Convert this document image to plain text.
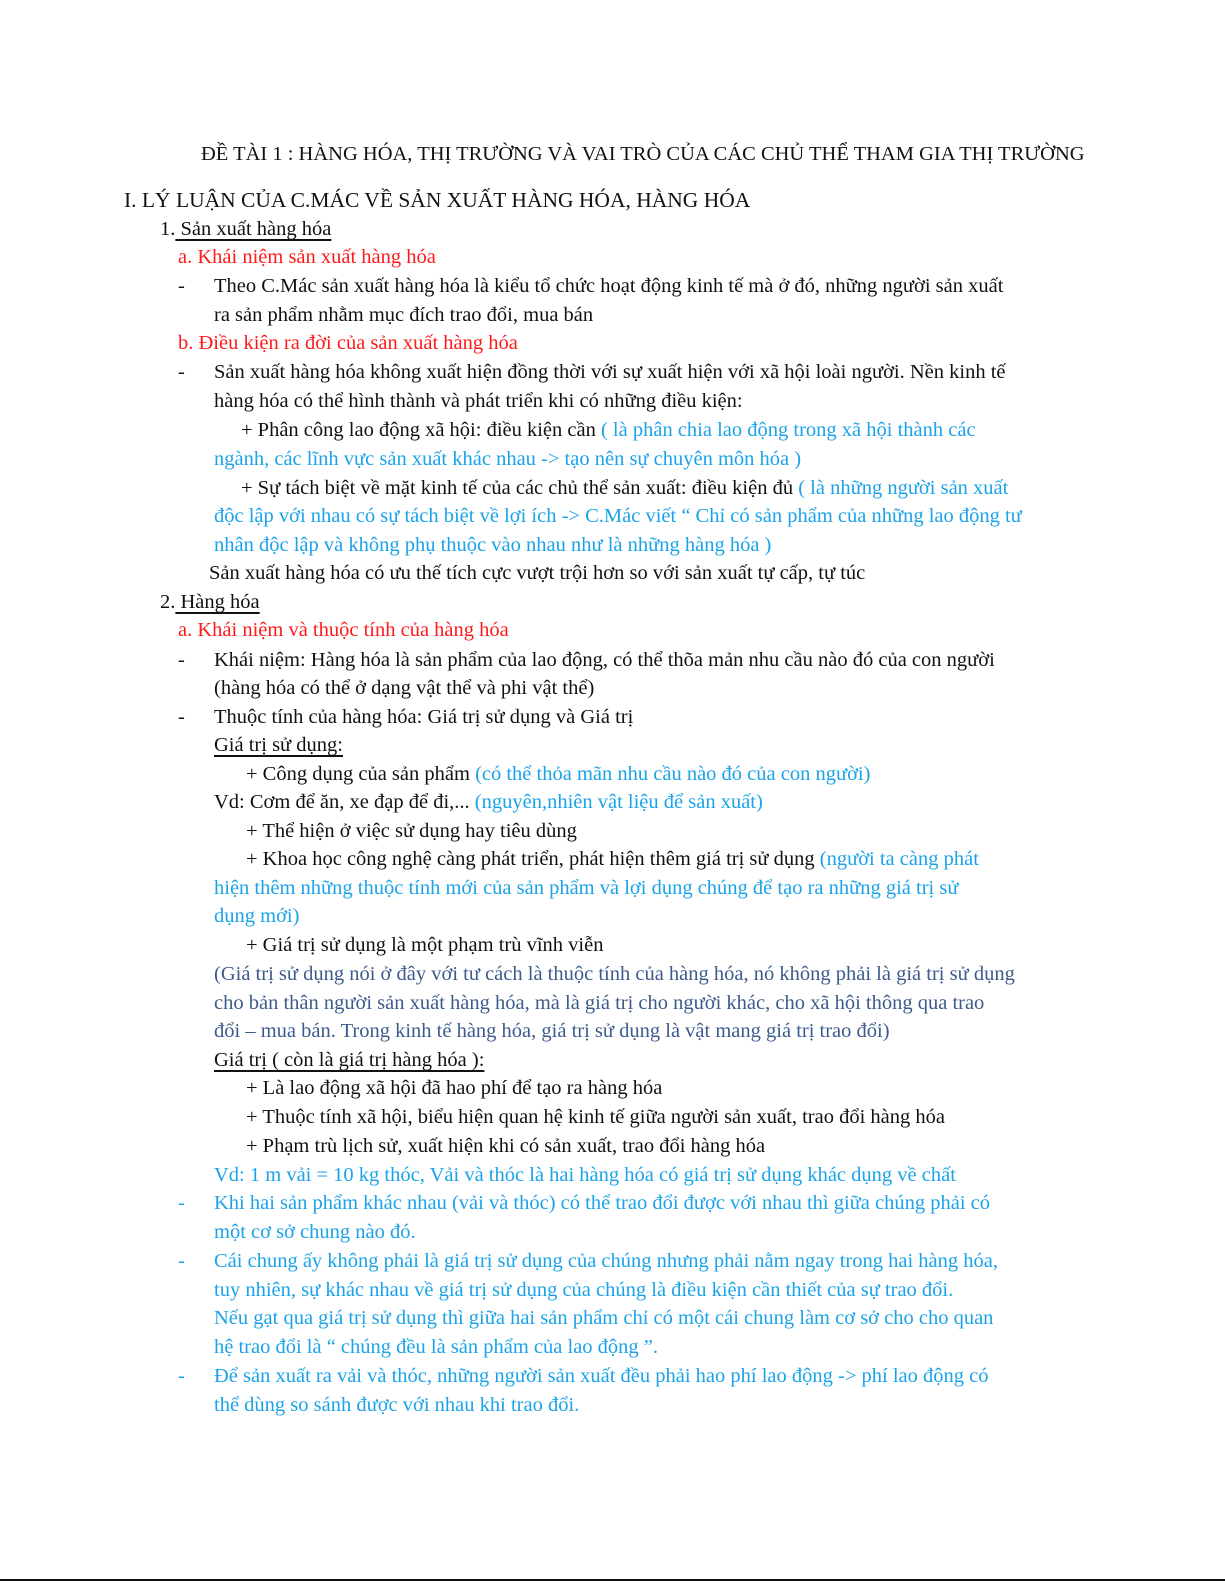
ĐỀ TÀI 1 : HÀNG HÓA, THỊ TRƯỜNG VÀ VAI TRÒ CỦA CÁC CHỦ THỂ THAM GIA THỊ TRƯỜNG
I. LÝ LUẬN CỦA C.MÁC VỀ SẢN XUẤT HÀNG HÓA, HÀNG HÓA
1. Sản xuất hàng hóa
a. Khái niệm sản xuất hàng hóa
- Theo C.Mác sản xuất hàng hóa là kiểu tổ chức hoạt động kinh tế mà ở đó, những người sản xuất
ra sản phẩm nhằm mục đích trao đổi, mua bán
b. Điều kiện ra đời của sản xuất hàng hóa
- Sản xuất hàng hóa không xuất hiện đồng thời với sự xuất hiện với xã hội loài người. Nền kinh tế
hàng hóa có thể hình thành và phát triển khi có những điều kiện:
+ Phân công lao động xã hội: điều kiện cần ( là phân chia lao động trong xã hội thành các
ngành, các lĩnh vực sản xuất khác nhau -> tạo nên sự chuyên môn hóa )
+ Sự tách biệt về mặt kinh tế của các chủ thể sản xuất: điều kiện đủ ( là những người sản xuất
độc lập với nhau có sự tách biệt về lợi ích -> C.Mác viết “ Chỉ có sản phẩm của những lao động tư
nhân độc lập và không phụ thuộc vào nhau như là những hàng hóa )
Sản xuất hàng hóa có ưu thế tích cực vượt trội hơn so với sản xuất tự cấp, tự túc
2. Hàng hóa
a. Khái niệm và thuộc tính của hàng hóa
- Khái niệm: Hàng hóa là sản phẩm của lao động, có thể thõa mản nhu cầu nào đó của con người
(hàng hóa có thể ở dạng vật thể và phi vật thể)
- Thuộc tính của hàng hóa: Giá trị sử dụng và Giá trị
Giá trị sử dụng:
+ Công dụng của sản phẩm (có thể thỏa mãn nhu cầu nào đó của con người)
Vd: Cơm để ăn, xe đạp để đi,... (nguyên,nhiên vật liệu để sản xuất)
+ Thể hiện ở việc sử dụng hay tiêu dùng
+ Khoa học công nghệ càng phát triển, phát hiện thêm giá trị sử dụng (người ta càng phát
hiện thêm những thuộc tính mới của sản phẩm và lợi dụng chúng để tạo ra những giá trị sử
dụng mới)
+ Giá trị sử dụng là một phạm trù vĩnh viễn
(Giá trị sử dụng nói ở đây với tư cách là thuộc tính của hàng hóa, nó không phải là giá trị sử dụng
cho bản thân người sản xuất hàng hóa, mà là giá trị cho người khác, cho xã hội thông qua trao
đổi – mua bán. Trong kinh tế hàng hóa, giá trị sử dụng là vật mang giá trị trao đổi)
Giá trị ( còn là giá trị hàng hóa ):
+ Là lao động xã hội đã hao phí để tạo ra hàng hóa
+ Thuộc tính xã hội, biểu hiện quan hệ kinh tế giữa người sản xuất, trao đổi hàng hóa
+ Phạm trù lịch sử, xuất hiện khi có sản xuất, trao đổi hàng hóa
Vd: 1 m vải = 10 kg thóc, Vải và thóc là hai hàng hóa có giá trị sử dụng khác dụng về chất
- Khi hai sản phẩm khác nhau (vải và thóc) có thể trao đổi được với nhau thì giữa chúng phải có
một cơ sở chung nào đó.
- Cái chung ấy không phải là giá trị sử dụng của chúng nhưng phải nằm ngay trong hai hàng hóa,
tuy nhiên, sự khác nhau về giá trị sử dụng của chúng là điều kiện cần thiết của sự trao đổi.
Nếu gạt qua giá trị sử dụng thì giữa hai sản phẩm chỉ có một cái chung làm cơ sở cho cho quan
hệ trao đổi là “ chúng đều là sản phẩm của lao động ”.
- Để sản xuất ra vải và thóc, những người sản xuất đều phải hao phí lao động -> phí lao động có
thể dùng so sánh được với nhau khi trao đổi.
